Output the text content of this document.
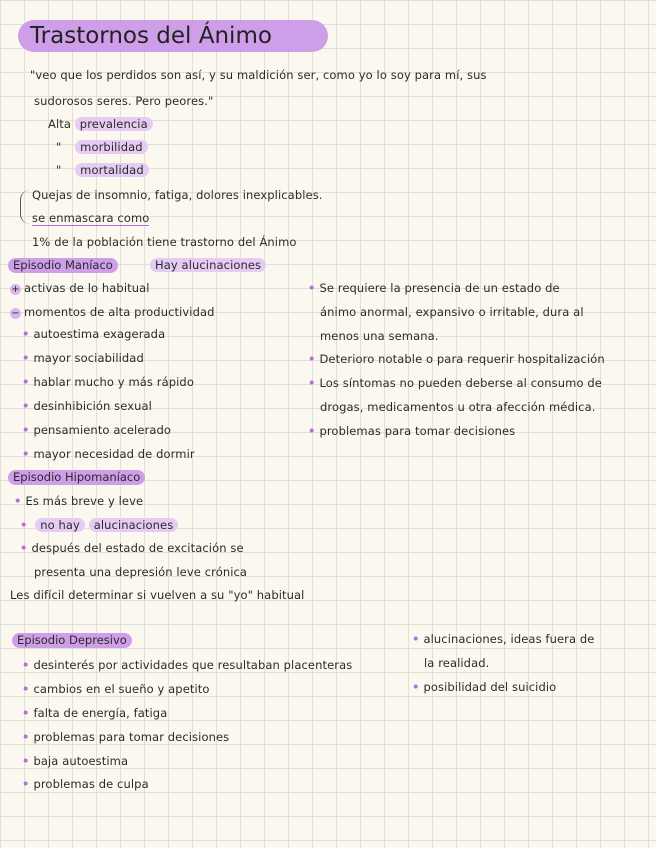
Trastornos del Ánimo
"veo que los perdidos son así, y su maldición ser, como yo lo soy para mí, sus
sudorosos seres. Pero peores."
Alta prevalencia
" morbilidad
" mortalidad
Quejas de insomnio, fatiga, dolores inexplicables.
se enmascara como
1% de la población tiene trastorno del Ánimo
Episodio Maníaco	Hay alucinaciones
+ activas de lo habitual
− momentos de alta productividad
• autoestima exagerada
• mayor sociabilidad
• hablar mucho y más rápido
• desinhibición sexual
• pensamiento acelerado
• mayor necesidad de dormir
• Se requiere la presencia de un estado de
ánimo anormal, expansivo o irritable, dura al
menos una semana.
• Deterioro notable o para requerir hospitalización
• Los síntomas no pueden deberse al consumo de
drogas, medicamentos u otra afección médica.
• problemas para tomar decisiones
Episodio Hipomaníaco
• Es más breve y leve
• no hay alucinaciones
• después del estado de excitación se
presenta una depresión leve crónica
Les difícil determinar si vuelven a su "yo" habitual
Episodio Depresivo
• desinterés por actividades que resultaban placenteras
• cambios en el sueño y apetito
• falta de energía, fatiga
• problemas para tomar decisiones
• baja autoestima
• problemas de culpa
• alucinaciones, ideas fuera de
la realidad.
• posibilidad del suicidio
